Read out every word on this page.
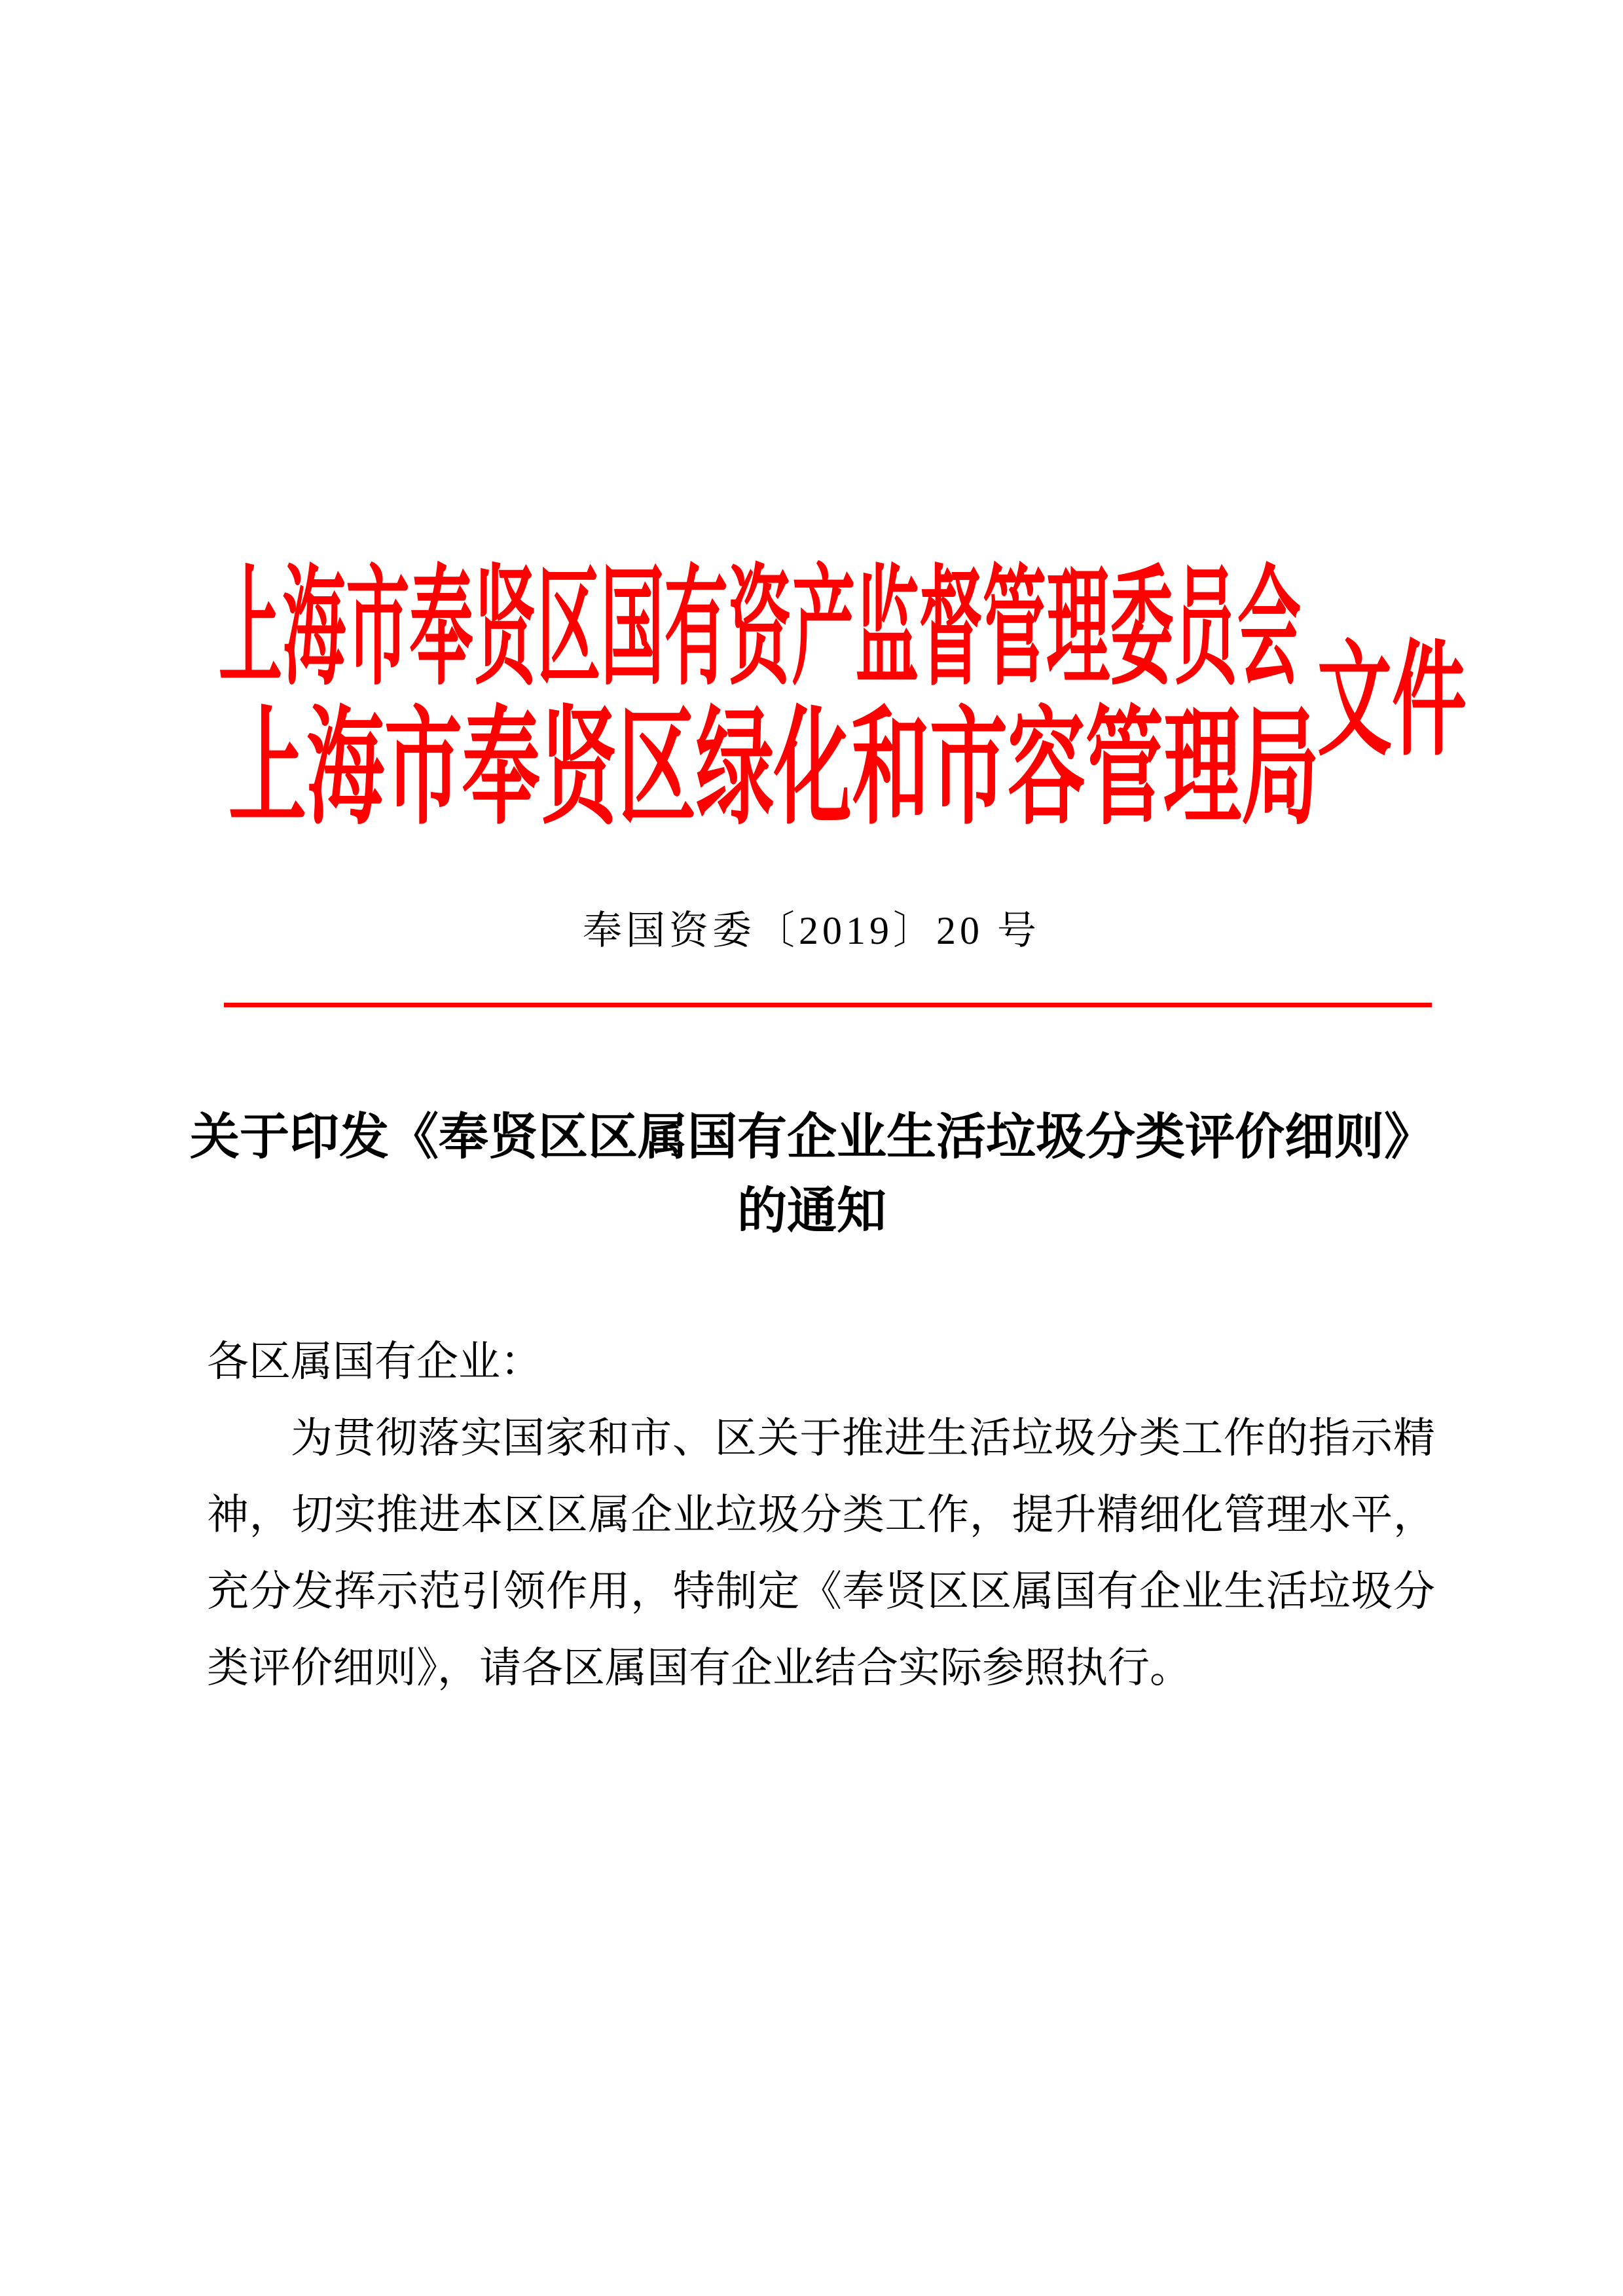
上 海 市 奉 贤 区 国 有 资 产 监 督 管 理 委 员 会
上 海 市 奉 贤 区 绿 化 和 市 容 管 理 局
文 件
奉国资委〔2019〕20 号
关于印发《奉贤区区属国有企业生活垃圾分类评价细则》
的通知
各区属国有企业：
为贯彻落实国家和市、区关于推进生活垃圾分类工作的指示精神，切实推进本区区属企业垃圾分类工作，提升精细化管理水平，充分发挥示范引领作用，特制定《奉贤区区属国有企业生活垃圾分类评价细则》，请各区属国有企业结合实际参照执行。
